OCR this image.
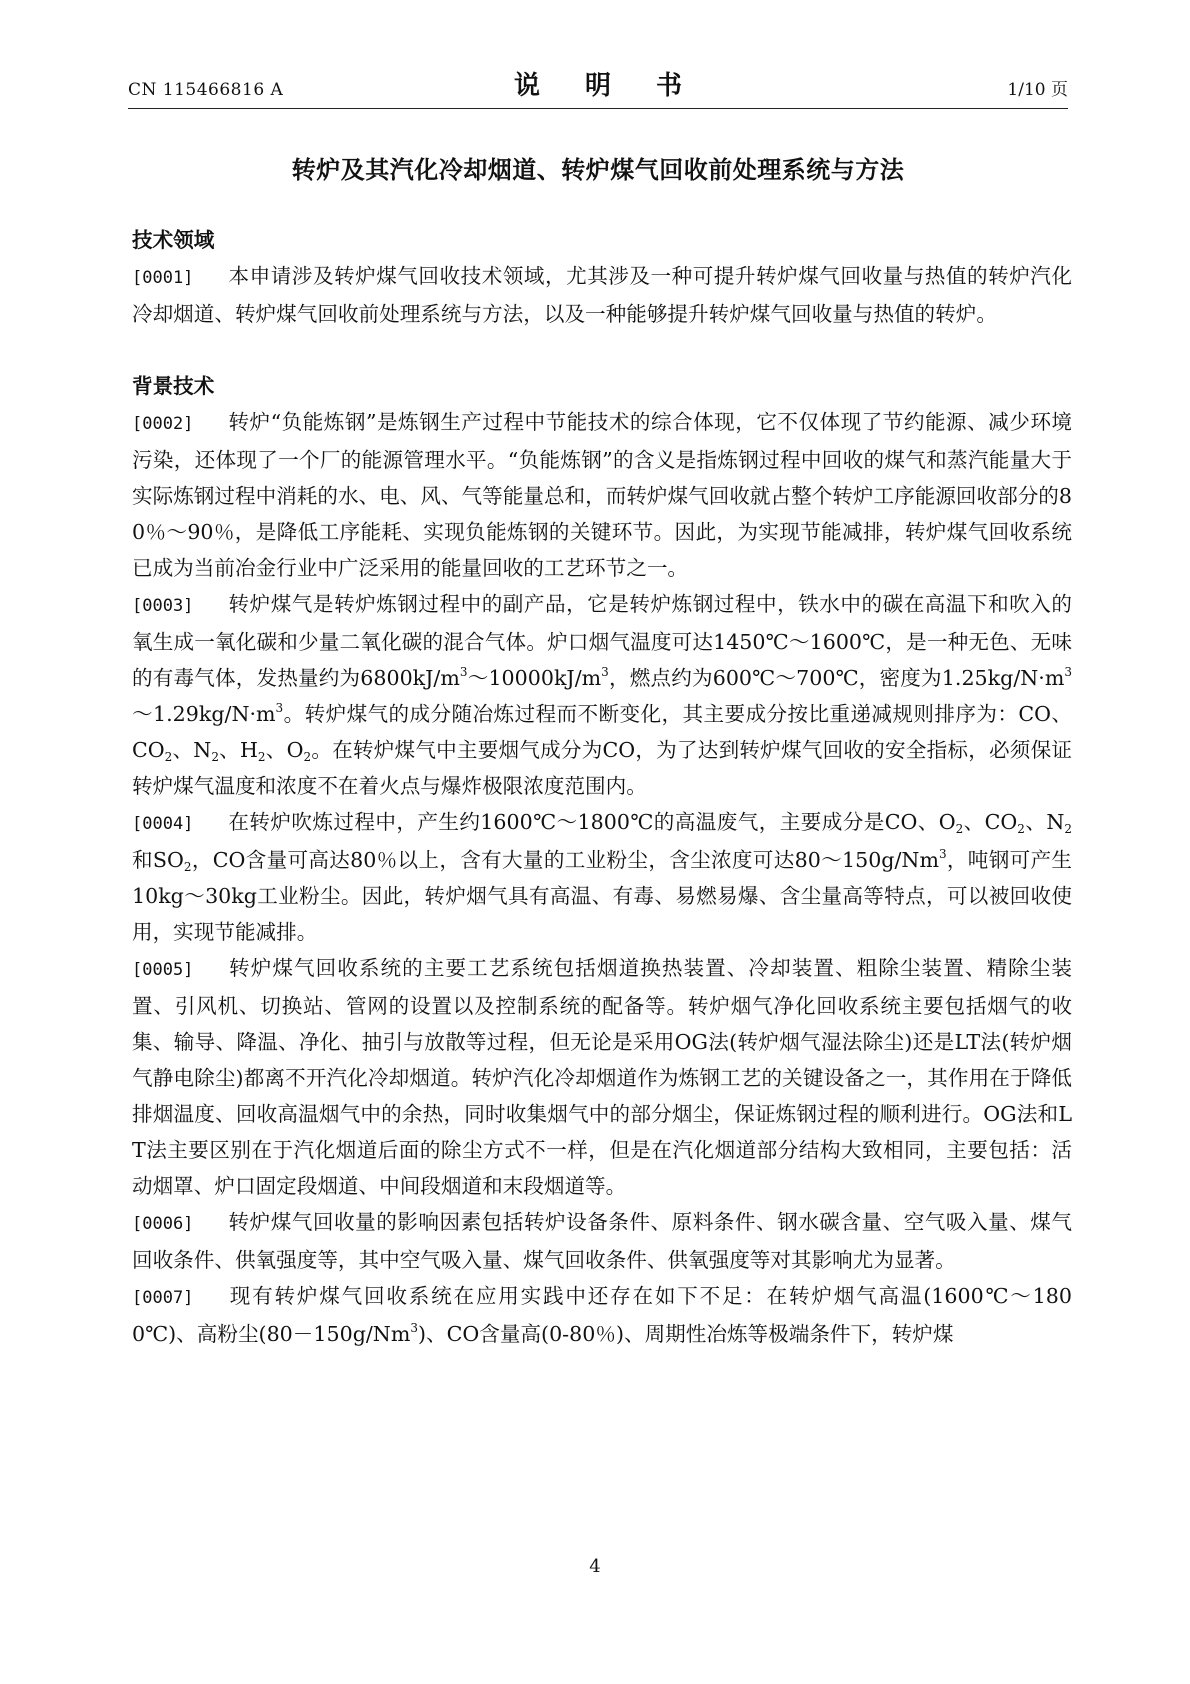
CN 115466816 A	说 明 书	1/10 页
转炉及其汽化冷却烟道、转炉煤气回收前处理系统与方法
技术领域

[0001] 本申请涉及转炉煤气回收技术领域，尤其涉及一种可提升转炉煤气回收量与热值的转炉汽化冷却烟道、转炉煤气回收前处理系统与方法，以及一种能够提升转炉煤气回收量与热值的转炉。

背景技术

[0002] 转炉“负能炼钢”是炼钢生产过程中节能技术的综合体现，它不仅体现了节约能源、减少环境污染，还体现了一个厂的能源管理水平。“负能炼钢”的含义是指炼钢过程中回收的煤气和蒸汽能量大于实际炼钢过程中消耗的水、电、风、气等能量总和，而转炉煤气回收就占整个转炉工序能源回收部分的80％～90％，是降低工序能耗、实现负能炼钢的关键环节。因此，为实现节能减排，转炉煤气回收系统已成为当前冶金行业中广泛采用的能量回收的工艺环节之一。

[0003] 转炉煤气是转炉炼钢过程中的副产品，它是转炉炼钢过程中，铁水中的碳在高温下和吹入的氧生成一氧化碳和少量二氧化碳的混合气体。炉口烟气温度可达1450℃～1600℃，是一种无色、无味的有毒气体，发热量约为$6800kJ/m^3\sim 10000kJ/m^3$，燃点约为600℃～700℃，密度为$1.25kg/N\cdot m^3\sim 1.29kg/N\cdot m^3$。转炉煤气的成分随冶炼过程而不断变化，其主要成分按比重递减规则排序为：CO、$CO_2$、$N_2$、$H_2$、$O_2$。在转炉煤气中主要烟气成分为CO，为了达到转炉煤气回收的安全指标，必须保证转炉煤气温度和浓度不在着火点与爆炸极限浓度范围内。

[0004] 在转炉吹炼过程中，产生约1600℃～1800℃的高温废气，主要成分是CO、$O_2$、$CO_2$、$N_2$和$SO_2$，CO含量可高达80％以上，含有大量的工业粉尘，含尘浓度可达80～150g/Nm$^3$，吨钢可产生10kg～30kg工业粉尘。因此，转炉烟气具有高温、有毒、易燃易爆、含尘量高等特点，可以被回收使用，实现节能减排。

[0005] 转炉煤气回收系统的主要工艺系统包括烟道换热装置、冷却装置、粗除尘装置、精除尘装置、引风机、切换站、管网的设置以及控制系统的配备等。转炉烟气净化回收系统主要包括烟气的收集、输导、降温、净化、抽引与放散等过程，但无论是采用OG法(转炉烟气湿法除尘)还是LT法(转炉烟气静电除尘)都离不开汽化冷却烟道。转炉汽化冷却烟道作为炼钢工艺的关键设备之一，其作用在于降低排烟温度、回收高温烟气中的余热，同时收集烟气中的部分烟尘，保证炼钢过程的顺利进行。OG法和LT法主要区别在于汽化烟道后面的除尘方式不一样，但是在汽化烟道部分结构大致相同，主要包括：活动烟罩、炉口固定段烟道、中间段烟道和末段烟道等。

[0006] 转炉煤气回收量的影响因素包括转炉设备条件、原料条件、钢水碳含量、空气吸入量、煤气回收条件、供氧强度等，其中空气吸入量、煤气回收条件、供氧强度等对其影响尤为显著。

[0007] 现有转炉煤气回收系统在应用实践中还存在如下不足：在转炉烟气高温(1600℃～1800℃)、高粉尘$(80-150g/Nm^3)$、CO含量高(0-80％)、周期性冶炼等极端条件下，转炉煤

4
